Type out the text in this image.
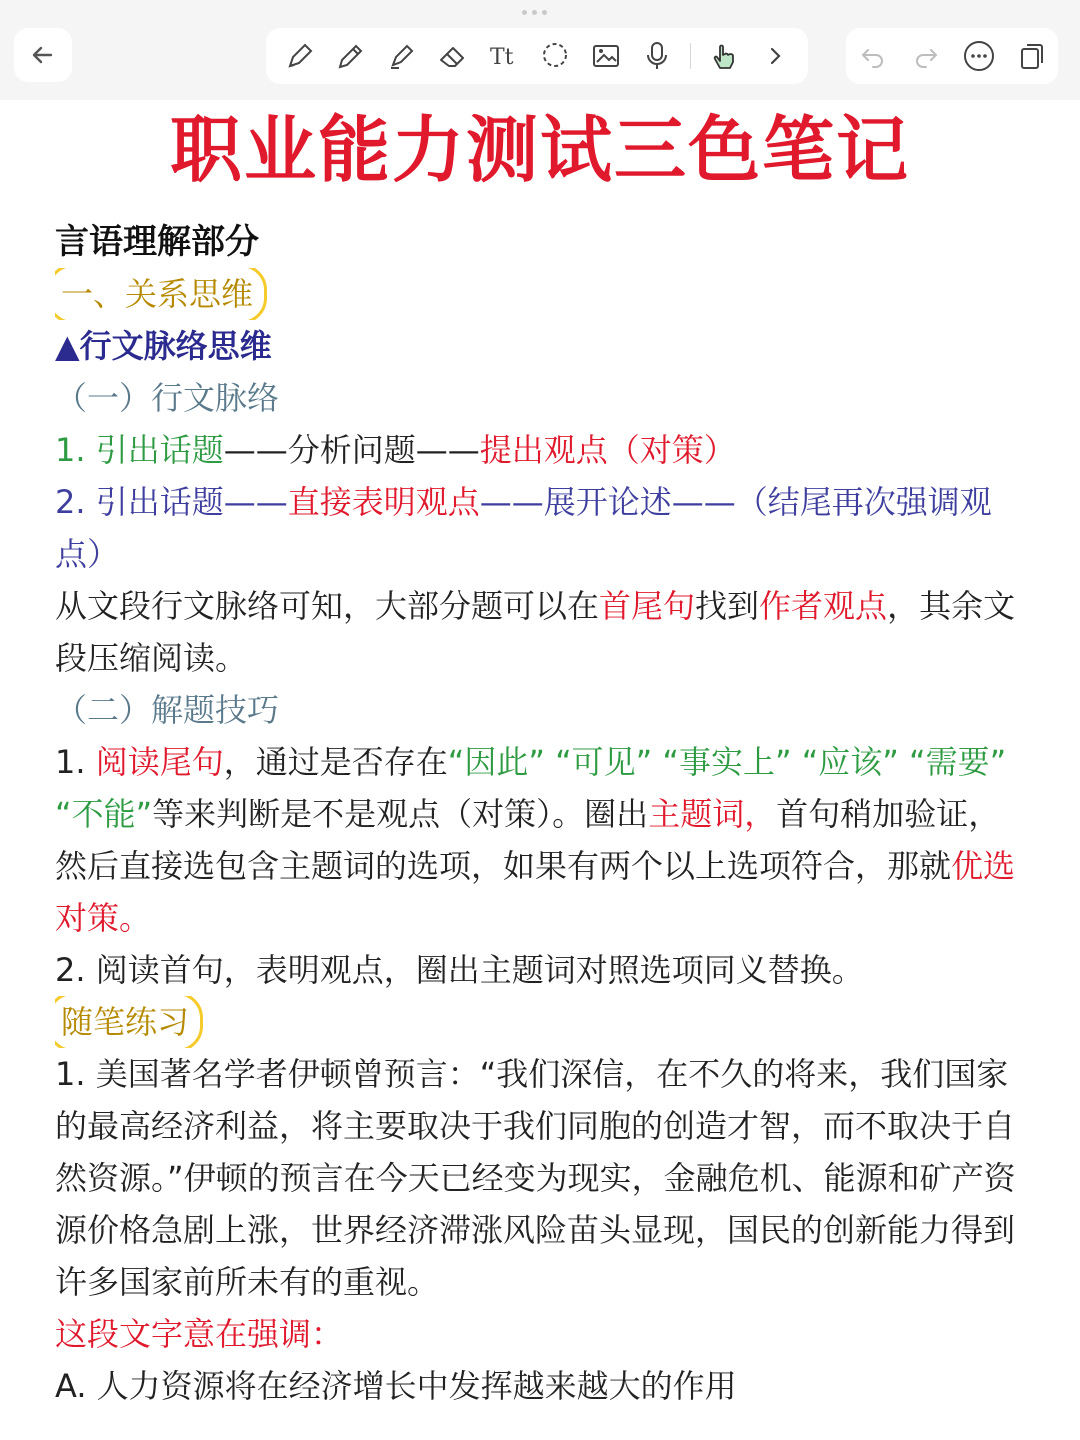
Tt
职业能力测试三色笔记
言语理解部分
一、关系思维
▲行文脉络思维
（一）行文脉络
1. 引出话题——分析问题——提出观点（对策）
2. 引出话题——直接表明观点——展开论述——（结尾再次强调观点）
从文段行文脉络可知，大部分题可以在首尾句找到作者观点，其余文段压缩阅读。
（二）解题技巧
1. 阅读尾句，通过是否存在“因此” “可见” “事实上” “应该” “需要” “不能”等来判断是不是观点（对策）。圈出主题词，首句稍加验证，然后直接选包含主题词的选项，如果有两个以上选项符合，那就优选对策。
2. 阅读首句，表明观点，圈出主题词对照选项同义替换。
随笔练习
1. 美国著名学者伊顿曾预言：“我们深信，在不久的将来，我们国家的最高经济利益，将主要取决于我们同胞的创造才智，而不取决于自然资源。”伊顿的预言在今天已经变为现实，金融危机、能源和矿产资源价格急剧上涨，世界经济滞涨风险苗头显现，国民的创新能力得到许多国家前所未有的重视。
这段文字意在强调：
A. 人力资源将在经济增长中发挥越来越大的作用
